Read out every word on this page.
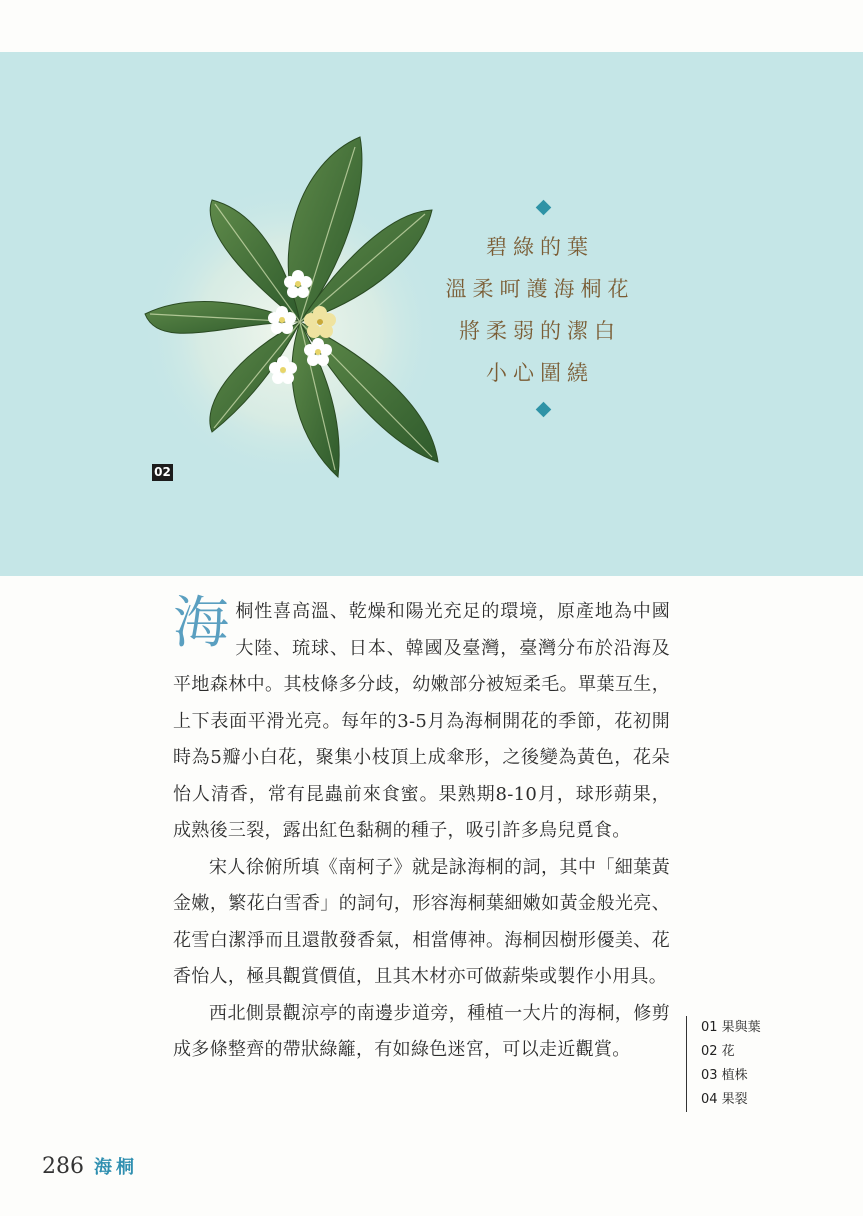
02
碧綠的葉
溫柔呵護海桐花
將柔弱的潔白
小心圍繞

海桐性喜高溫、乾燥和陽光充足的環境，原產地為中國大陸、琉球、日本、韓國及臺灣，臺灣分布於沿海及平地森林中。其枝條多分歧，幼嫩部分被短柔毛。單葉互生，上下表面平滑光亮。每年的3-5月為海桐開花的季節，花初開時為5瓣小白花，聚集小枝頂上成傘形，之後變為黃色，花朵怡人清香，常有昆蟲前來食蜜。果熟期8-10月，球形蒴果，成熟後三裂，露出紅色黏稠的種子，吸引許多鳥兒覓食。

宋人徐俯所填《南柯子》就是詠海桐的詞，其中「細葉黃金嫩，繁花白雪香」的詞句，形容海桐葉細嫩如黃金般光亮、花雪白潔淨而且還散發香氣，相當傳神。海桐因樹形優美、花香怡人，極具觀賞價值，且其木材亦可做薪柴或製作小用具。

西北側景觀涼亭的南邊步道旁，種植一大片的海桐，修剪成多條整齊的帶狀綠籬，有如綠色迷宮，可以走近觀賞。

01 果與葉
02 花
03 植株
04 果裂
286 海桐
